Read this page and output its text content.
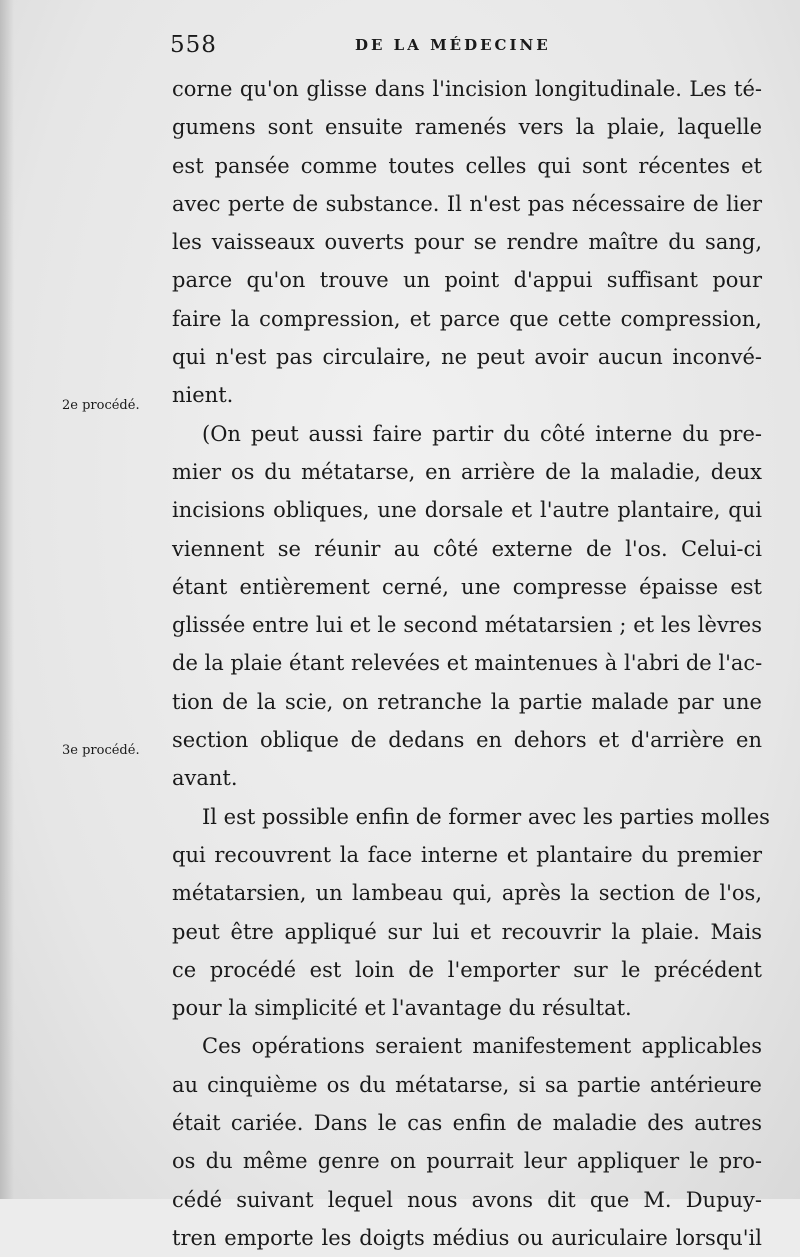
558	DE LA MÉDECINE
2e procédé.
3e procédé.
corne qu'on glisse dans l'incision longitudinale. Les té-
gumens sont ensuite ramenés vers la plaie, laquelle
est pansée comme toutes celles qui sont récentes et
avec perte de substance. Il n'est pas nécessaire de lier
les vaisseaux ouverts pour se rendre maître du sang,
parce qu'on trouve un point d'appui suffisant pour
faire la compression, et parce que cette compression,
qui n'est pas circulaire, ne peut avoir aucun inconvé-
nient.
(On peut aussi faire partir du côté interne du pre-
mier os du métatarse, en arrière de la maladie, deux
incisions obliques, une dorsale et l'autre plantaire, qui
viennent se réunir au côté externe de l'os. Celui-ci
étant entièrement cerné, une compresse épaisse est
glissée entre lui et le second métatarsien ; et les lèvres
de la plaie étant relevées et maintenues à l'abri de l'ac-
tion de la scie, on retranche la partie malade par une
section oblique de dedans en dehors et d'arrière en
avant.
Il est possible enfin de former avec les parties molles
qui recouvrent la face interne et plantaire du premier
métatarsien, un lambeau qui, après la section de l'os,
peut être appliqué sur lui et recouvrir la plaie. Mais
ce procédé est loin de l'emporter sur le précédent
pour la simplicité et l'avantage du résultat.
Ces opérations seraient manifestement applicables
au cinquième os du métatarse, si sa partie antérieure
était cariée. Dans le cas enfin de maladie des autres
os du même genre on pourrait leur appliquer le pro-
cédé suivant lequel nous avons dit que M. Dupuy-
tren emporte les doigts médius ou auriculaire lorsqu'il
